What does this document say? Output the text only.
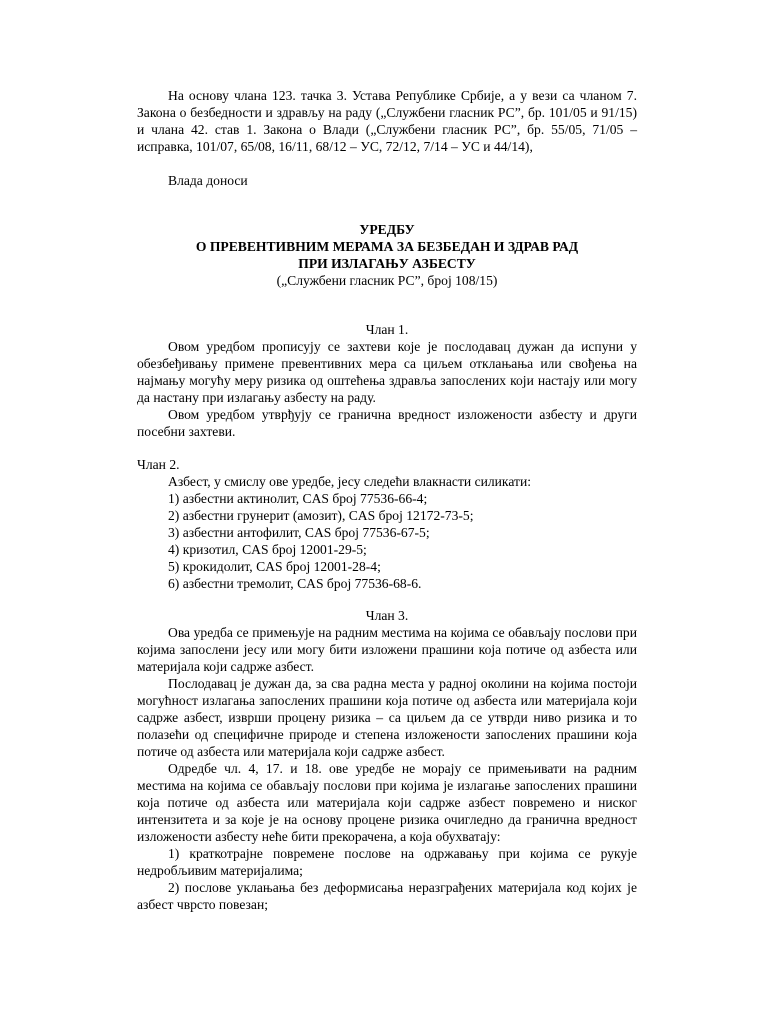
На основу члана 123. тачка 3. Устава Републике Србије, а у вези са чланом 7. Закона о безбедности и здрављу на раду („Службени гласник РС”, бр. 101/05 и 91/15) и члана 42. став 1. Закона о Влади („Службени гласник РС”, бр. 55/05, 71/05 – исправка, 101/07, 65/08, 16/11, 68/12 – УС, 72/12, 7/14 – УС и 44/14),

Влада доноси

УРЕДБУ

О ПРЕВЕНТИВНИМ МЕРАМА ЗА БЕЗБЕДАН И ЗДРАВ РАД

ПРИ ИЗЛАГАЊУ АЗБЕСТУ

(„Службени гласник РС”, број 108/15)

Члан 1.

Овом уредбом прописују се захтеви које је послодавац дужан да испуни у обезбеђивању примене превентивних мера са циљем отклањања или свођења на најмању могућу меру ризика од оштећења здравља запослених који настају или могу да настану при излагању азбесту на раду.

Овом уредбом утврђују се гранична вредност изложености азбесту и други посебни захтеви.

Члан 2.

Азбест, у смислу ове уредбе, јесу следећи влакнасти силикати:

1) азбестни актинолит, CAS број 77536-66-4;

2) азбестни грунерит (амозит), CAS број 12172-73-5;

3) азбестни антофилит, CAS број 77536-67-5;

4) кризотил, CAS број 12001-29-5;

5) крокидолит, CAS број 12001-28-4;

6) азбестни тремолит, CAS број 77536-68-6.

Члан 3.

Ова уредба се примењује на радним местима на којима се обављају послови при којима запослени јесу или могу бити изложени прашини која потиче од азбеста или материјала који садрже азбест.

Послодавац је дужан да, за сва радна места у радној околини на којима постоји могућност излагања запослених прашини која потиче од азбеста или материјала који садрже азбест, изврши процену ризика – са циљем да се утврди ниво ризика и то полазећи од специфичне природе и степена изложености запослених прашини која потиче од азбеста или материјала који садрже азбест.

Одредбе чл. 4, 17. и 18. ове уредбе не морају се примењивати на радним местима на којима се обављају послови при којима је излагање запослених прашини која потиче од азбеста или материјала који садрже азбест повремено и ниског интензитета и за које је на основу процене ризика очигледно да гранична вредност изложености азбесту неће бити прекорачена, а која обухватају:

1) краткотрајне повремене послове на одржавању при којима се рукује недробљивим материјалима;

2) послове уклањања без деформисања неразграђених материјала код којих је азбест чврсто повезан;
